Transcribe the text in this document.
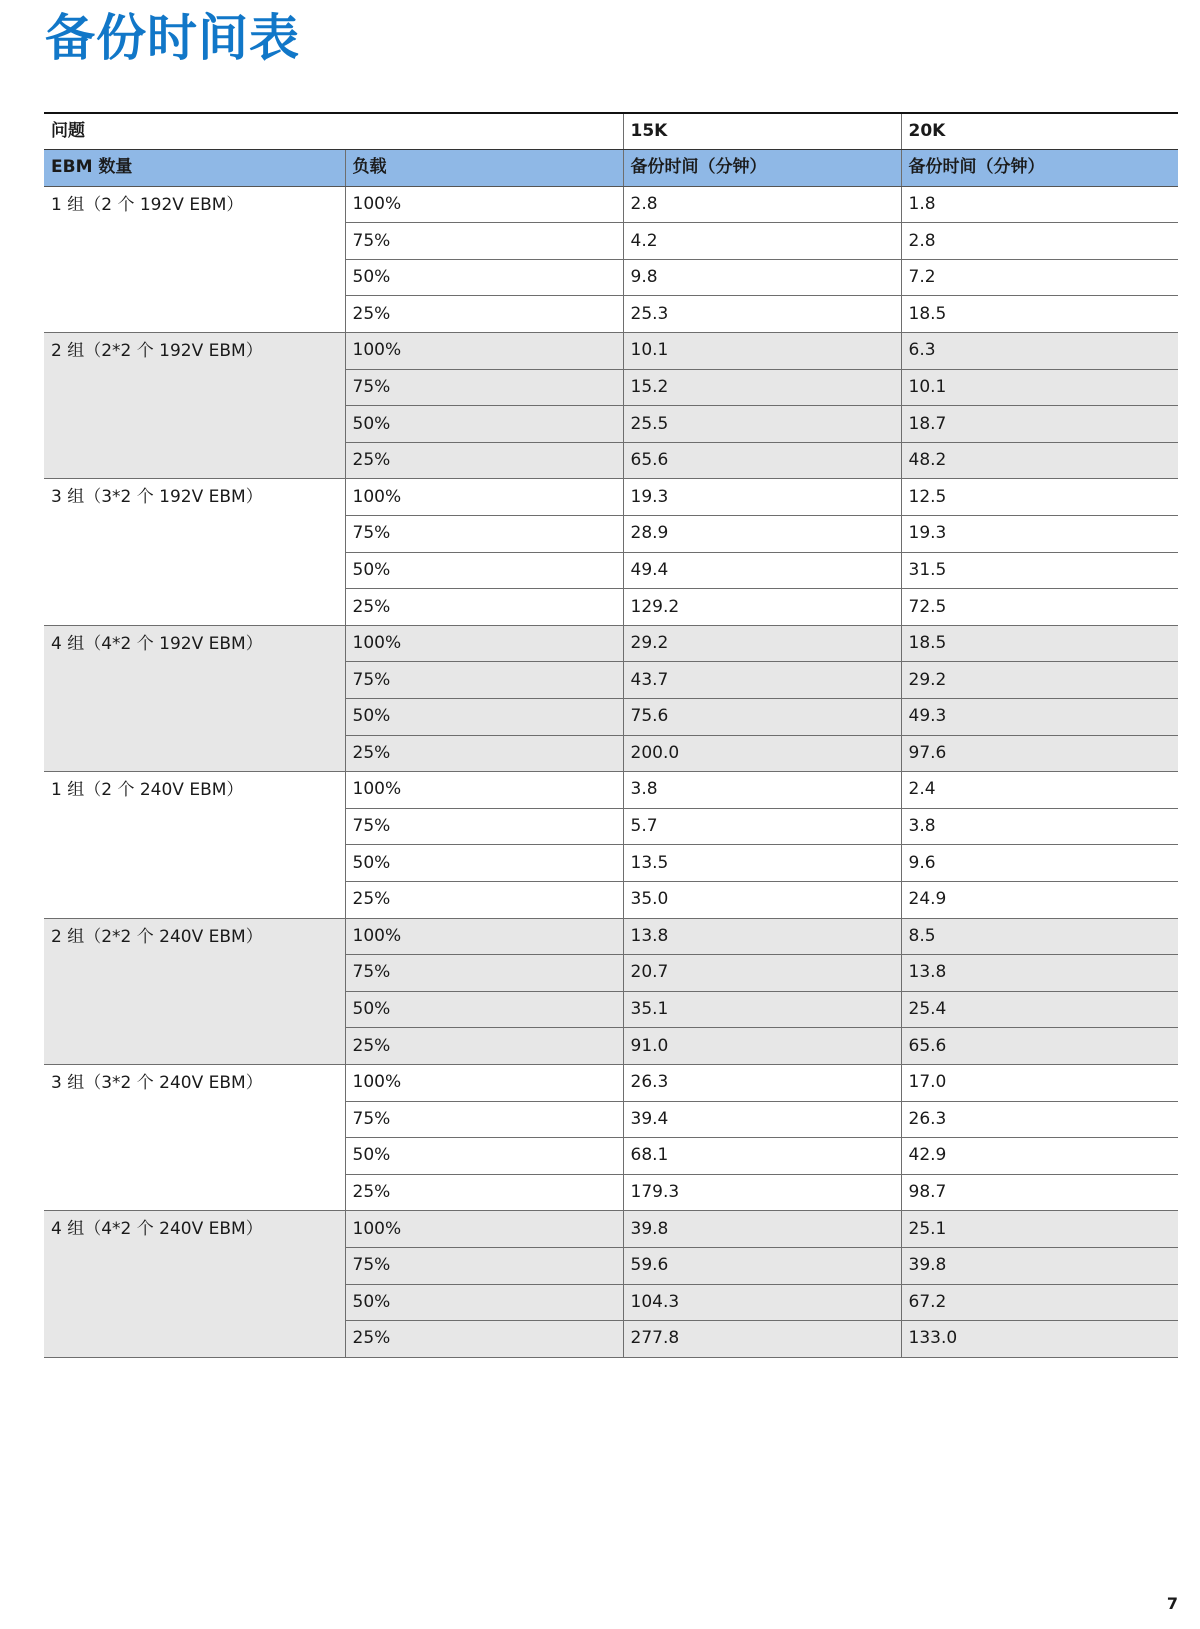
备份时间表
问题		15K	20K
EBM 数量	负载	备份时间（分钟）	备份时间（分钟）
1 组（2 个 192V EBM）	100%	2.8	1.8
	75%	4.2	2.8
	50%	9.8	7.2
	25%	25.3	18.5
2 组（2*2 个 192V EBM）	100%	10.1	6.3
	75%	15.2	10.1
	50%	25.5	18.7
	25%	65.6	48.2
3 组（3*2 个 192V EBM）	100%	19.3	12.5
	75%	28.9	19.3
	50%	49.4	31.5
	25%	129.2	72.5
4 组（4*2 个 192V EBM）	100%	29.2	18.5
	75%	43.7	29.2
	50%	75.6	49.3
	25%	200.0	97.6
1 组（2 个 240V EBM）	100%	3.8	2.4
	75%	5.7	3.8
	50%	13.5	9.6
	25%	35.0	24.9
2 组（2*2 个 240V EBM）	100%	13.8	8.5
	75%	20.7	13.8
	50%	35.1	25.4
	25%	91.0	65.6
3 组（3*2 个 240V EBM）	100%	26.3	17.0
	75%	39.4	26.3
	50%	68.1	42.9
	25%	179.3	98.7
4 组（4*2 个 240V EBM）	100%	39.8	25.1
	75%	59.6	39.8
	50%	104.3	67.2
	25%	277.8	133.0

7
